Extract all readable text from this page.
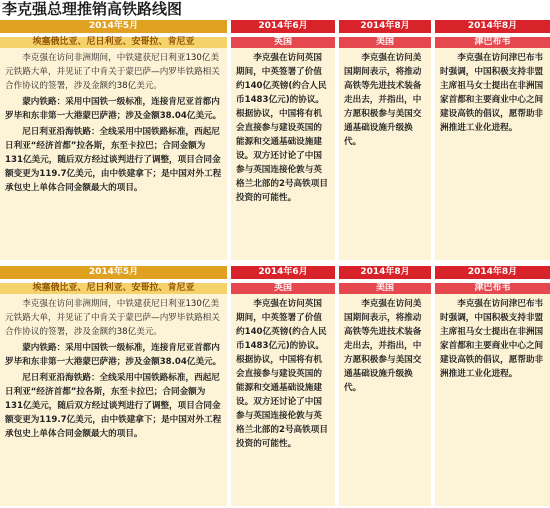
李克强总理推销高铁路线图
2014年5月
埃塞俄比亚、尼日利亚、安哥拉、肯尼亚

李克强在访问非洲期间，中铁建获尼日利亚130亿美元铁路大单，并见证了中肯关于蒙巴萨—内罗毕铁路相关合作协议的签署，涉及金额约38亿美元。

蒙内铁路：采用中国铁一级标准，连接肯尼亚首都内罗毕和东非第一大港蒙巴萨港；涉及金额38.04亿美元。

尼日利亚沿海铁路：全线采用中国铁路标准，西起尼日利亚“经济首都”拉各斯，东至卡拉巴；合同金额为131亿美元，随后双方经过谈判进行了调整，项目合同金额变更为119.7亿美元，由中铁建拿下；是中国对外工程承包史上单体合同金额最大的项目。

2014年6月
英国

李克强在访问英国期间，中英签署了价值约140亿英镑(约合人民币1483亿元)的协议。根据协议，中国将有机会直接参与建设英国的能源和交通基础设施建设。双方还讨论了中国参与英国连接伦敦与英格兰北部的2号高铁项目投资的可能性。

2014年8月
美国

李克强在访问美国期间表示，将推动高铁等先进技术装备走出去，并指出，中方愿积极参与美国交通基础设施升级换代。

2014年8月
津巴布韦

李克强在访问津巴布韦时强调，中国积极支持非盟主席祖马女士提出在非洲国家首都和主要商业中心之间建设高铁的倡议，愿帮助非洲推进工业化进程。

2014年5月
埃塞俄比亚、尼日利亚、安哥拉、肯尼亚

李克强在访问非洲期间，中铁建获尼日利亚130亿美元铁路大单，并见证了中肯关于蒙巴萨—内罗毕铁路相关合作协议的签署，涉及金额约38亿美元。

蒙内铁路：采用中国铁一级标准，连接肯尼亚首都内罗毕和东非第一大港蒙巴萨港；涉及金额38.04亿美元。

尼日利亚沿海铁路：全线采用中国铁路标准，西起尼日利亚“经济首都”拉各斯，东至卡拉巴；合同金额为131亿美元，随后双方经过谈判进行了调整，项目合同金额变更为119.7亿美元，由中铁建拿下；是中国对外工程承包史上单体合同金额最大的项目。

2014年6月
英国

李克强在访问英国期间，中英签署了价值约140亿英镑(约合人民币1483亿元)的协议。根据协议，中国将有机会直接参与建设英国的能源和交通基础设施建设。双方还讨论了中国参与英国连接伦敦与英格兰北部的2号高铁项目投资的可能性。

2014年8月
美国

李克强在访问美国期间表示，将推动高铁等先进技术装备走出去，并指出，中方愿积极参与美国交通基础设施升级换代。

2014年8月
津巴布韦

李克强在访问津巴布韦时强调，中国积极支持非盟主席祖马女士提出在非洲国家首都和主要商业中心之间建设高铁的倡议，愿帮助非洲推进工业化进程。
